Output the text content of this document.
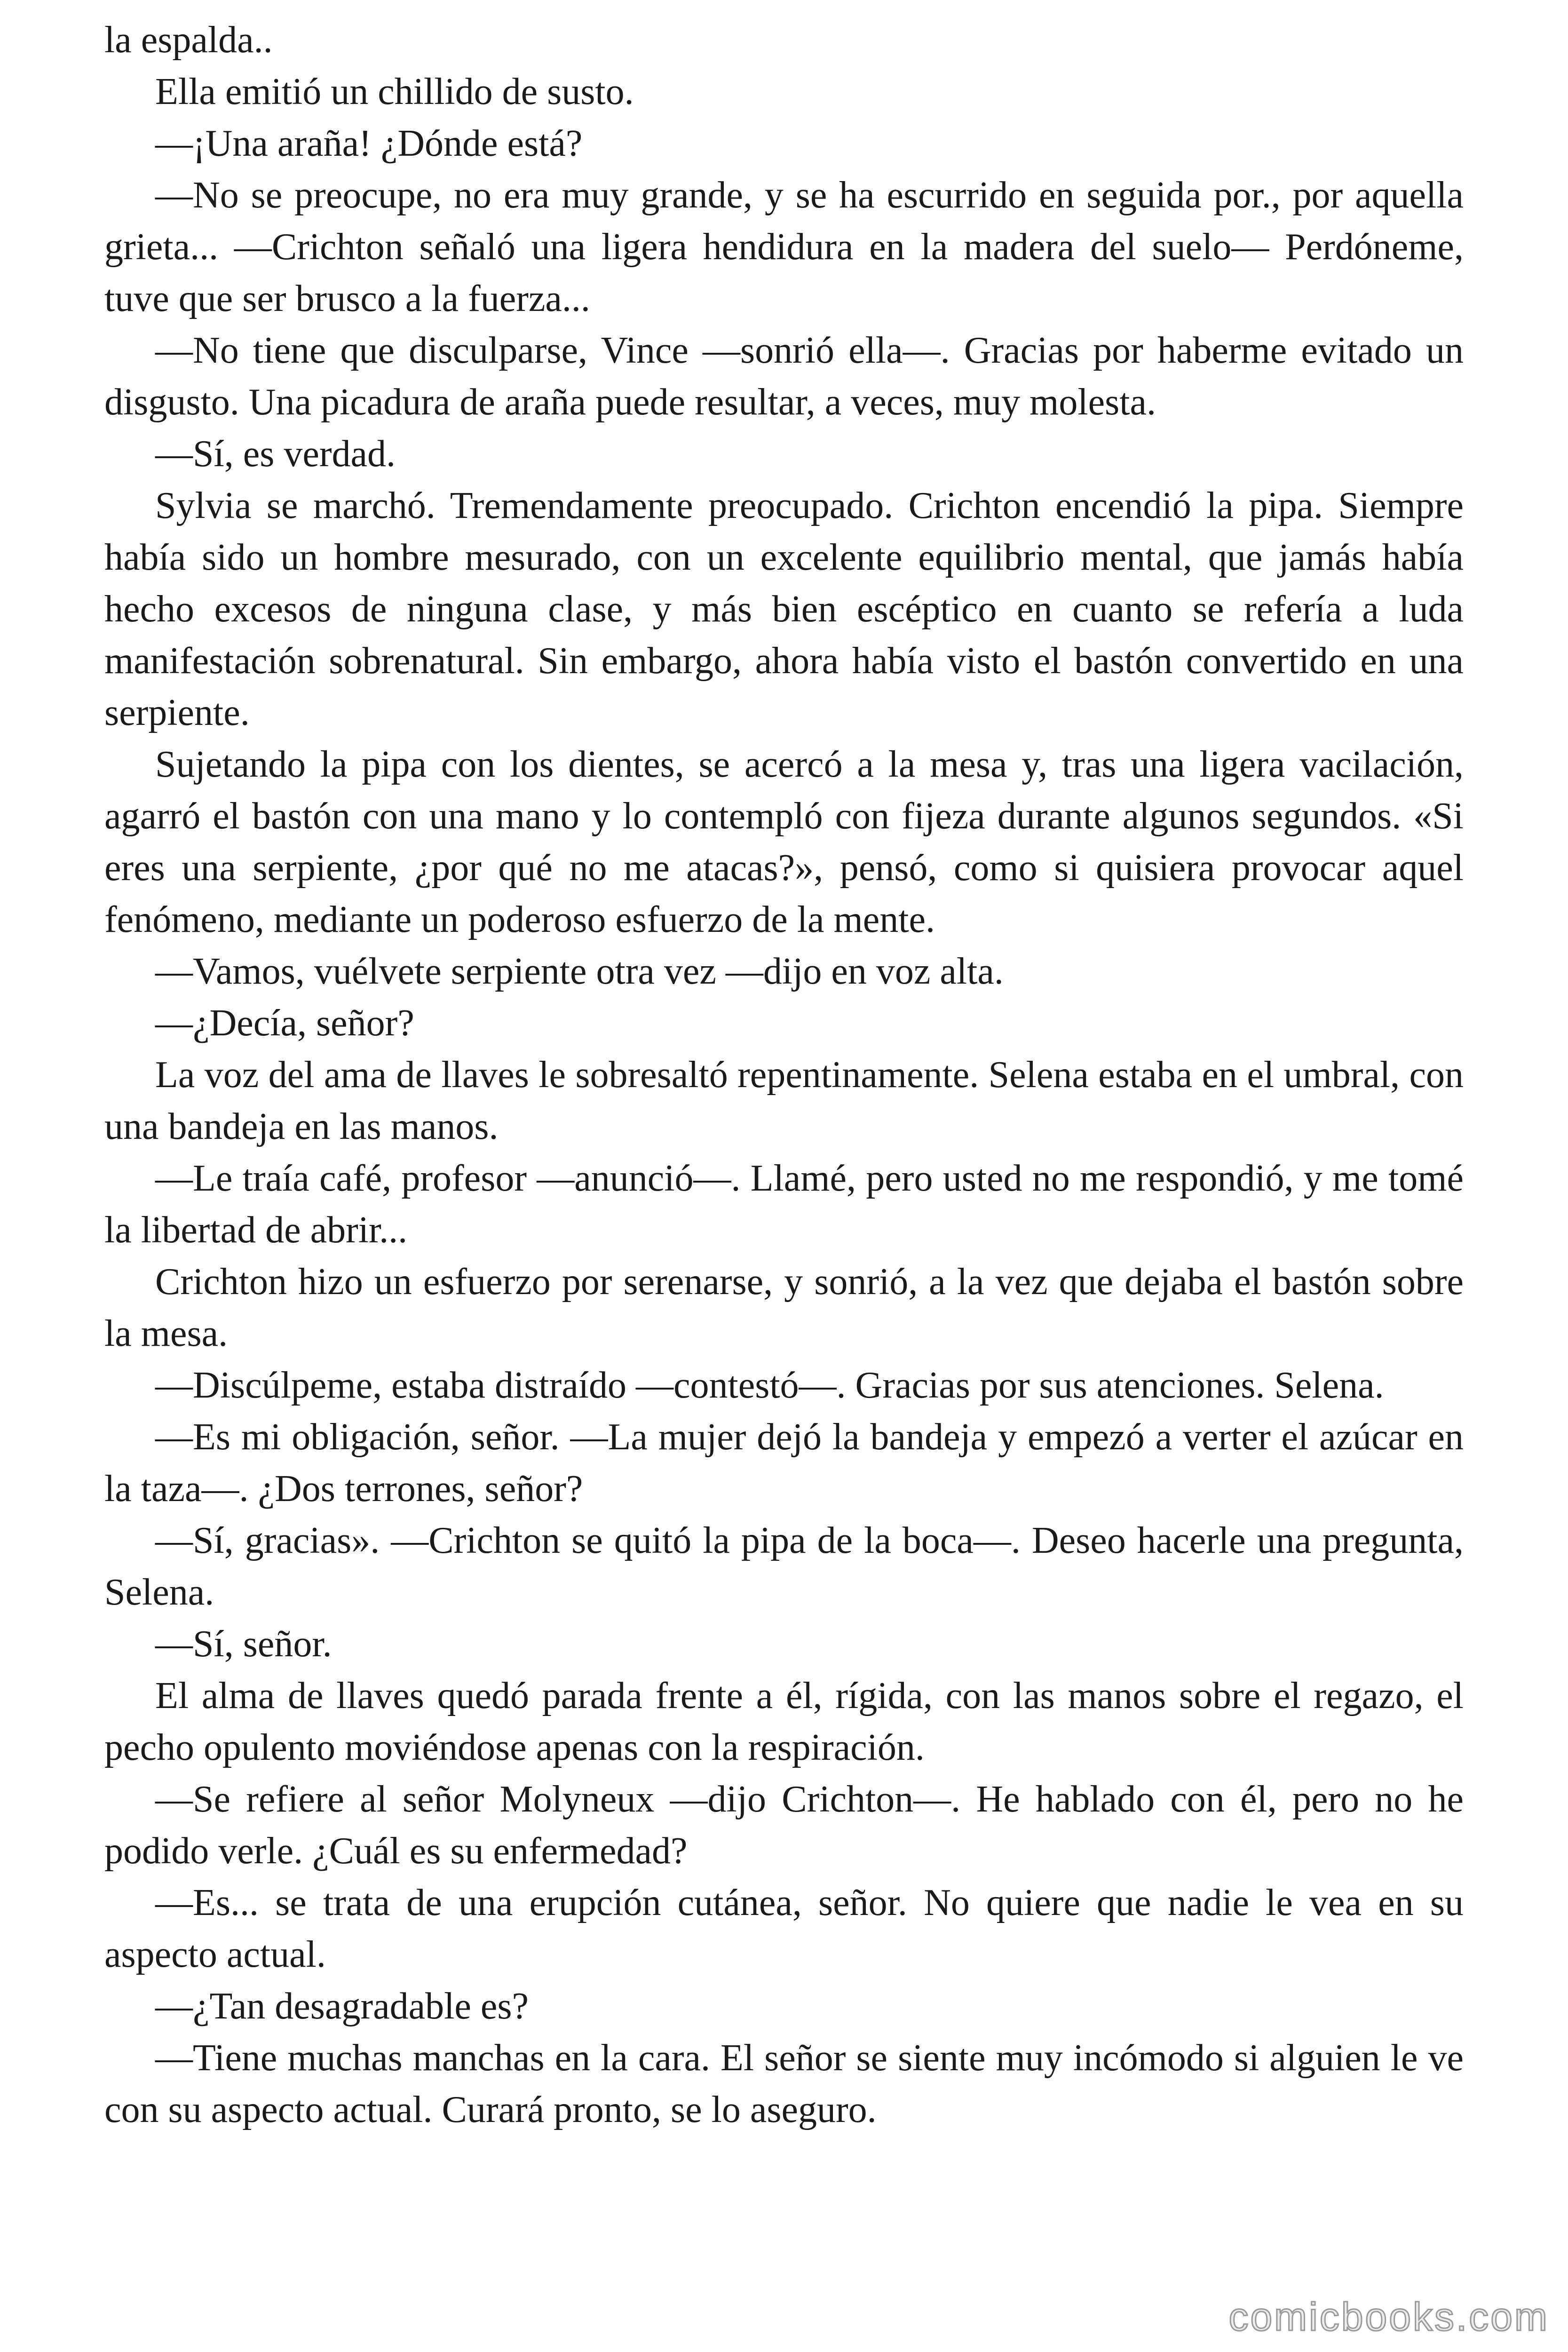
la espalda..

Ella emitió un chillido de susto.

—¡Una araña! ¿Dónde está?

—No se preocupe, no era muy grande, y se ha escurrido en seguida por., por aquella grieta... —Crichton señaló una ligera hendidura en la madera del suelo— Perdóneme, tuve que ser brusco a la fuerza...

—No tiene que disculparse, Vince —sonrió ella—. Gracias por haberme evitado un disgusto. Una picadura de araña puede resultar, a veces, muy molesta.

—Sí, es verdad.

Sylvia se marchó. Tremendamente preocupado. Crichton encendió la pipa. Siempre había sido un hombre mesurado, con un excelente equilibrio mental, que jamás había hecho excesos de ninguna clase, y más bien escéptico en cuanto se refería a luda manifestación sobrenatural. Sin embargo, ahora había visto el bastón convertido en una serpiente.

Sujetando la pipa con los dientes, se acercó a la mesa y, tras una ligera vacilación, agarró el bastón con una mano y lo contempló con fijeza durante algunos segundos. «Si eres una serpiente, ¿por qué no me atacas?», pensó, como si quisiera provocar aquel fenómeno, mediante un poderoso esfuerzo de la mente.

—Vamos, vuélvete serpiente otra vez —dijo en voz alta.

—¿Decía, señor?

La voz del ama de llaves le sobresaltó repentinamente. Selena estaba en el umbral, con una bandeja en las manos.

—Le traía café, profesor —anunció—. Llamé, pero usted no me respondió, y me tomé la libertad de abrir...

Crichton hizo un esfuerzo por serenarse, y sonrió, a la vez que dejaba el bastón sobre la mesa.

—Discúlpeme, estaba distraído —contestó—. Gracias por sus atenciones. Selena.

—Es mi obligación, señor. —La mujer dejó la bandeja y empezó a verter el azúcar en la taza—. ¿Dos terrones, señor?

—Sí, gracias». —Crichton se quitó la pipa de la boca—. Deseo hacerle una pregunta, Selena.

—Sí, señor.

El alma de llaves quedó parada frente a él, rígida, con las manos sobre el regazo, el pecho opulento moviéndose apenas con la respiración.

—Se refiere al señor Molyneux —dijo Crichton—. He hablado con él, pero no he podido verle. ¿Cuál es su enfermedad?

—Es... se trata de una erupción cutánea, señor. No quiere que nadie le vea en su aspecto actual.

—¿Tan desagradable es?

—Tiene muchas manchas en la cara. El señor se siente muy incómodo si alguien le ve con su aspecto actual. Curará pronto, se lo aseguro.

comicbooks.com
